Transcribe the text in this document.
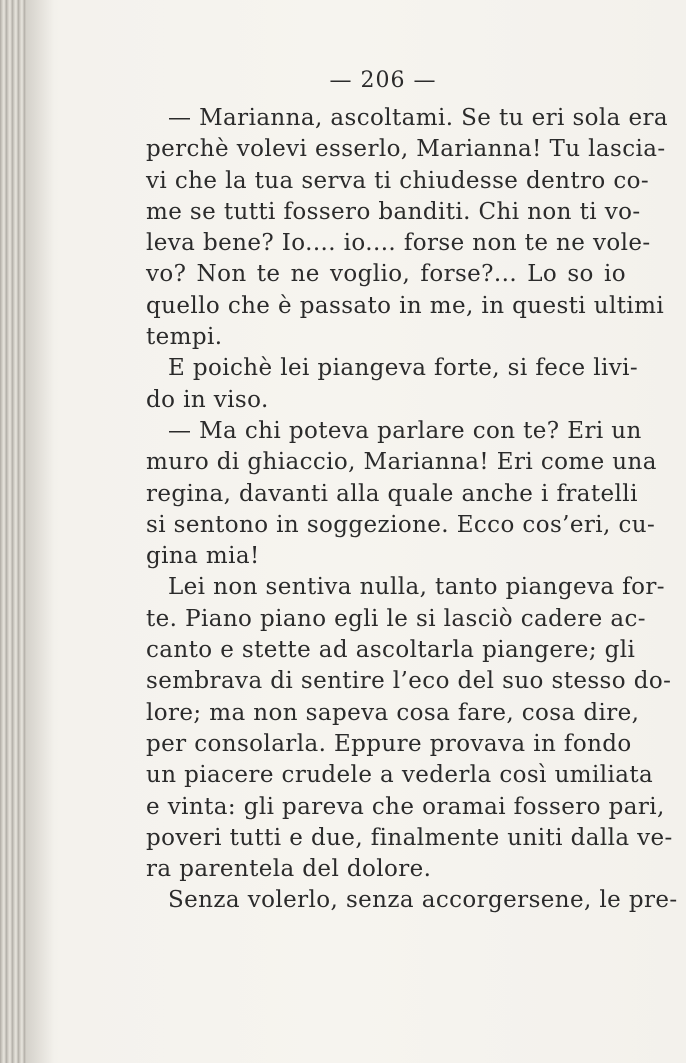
— 206 —
— Marianna, ascoltami. Se tu eri sola era
perchè volevi esserlo, Marianna! Tu lascia-
vi che la tua serva ti chiudesse dentro co-
me se tutti fossero banditi. Chi non ti vo-
leva bene? Io.... io.... forse non te ne vole-
vo? Non te ne voglio, forse?... Lo so io
quello che è passato in me, in questi ultimi
tempi.
E poichè lei piangeva forte, si fece livi-
do in viso.
— Ma chi poteva parlare con te? Eri un
muro di ghiaccio, Marianna! Eri come una
regina, davanti alla quale anche i fratelli
si sentono in soggezione. Ecco cos’eri, cu-
gina mia!
Lei non sentiva nulla, tanto piangeva for-
te. Piano piano egli le si lasciò cadere ac-
canto e stette ad ascoltarla piangere; gli
sembrava di sentire l’eco del suo stesso do-
lore; ma non sapeva cosa fare, cosa dire,
per consolarla. Eppure provava in fondo
un piacere crudele a vederla così umiliata
e vinta: gli pareva che oramai fossero pari,
poveri tutti e due, finalmente uniti dalla ve-
ra parentela del dolore.
Senza volerlo, senza accorgersene, le pre-
